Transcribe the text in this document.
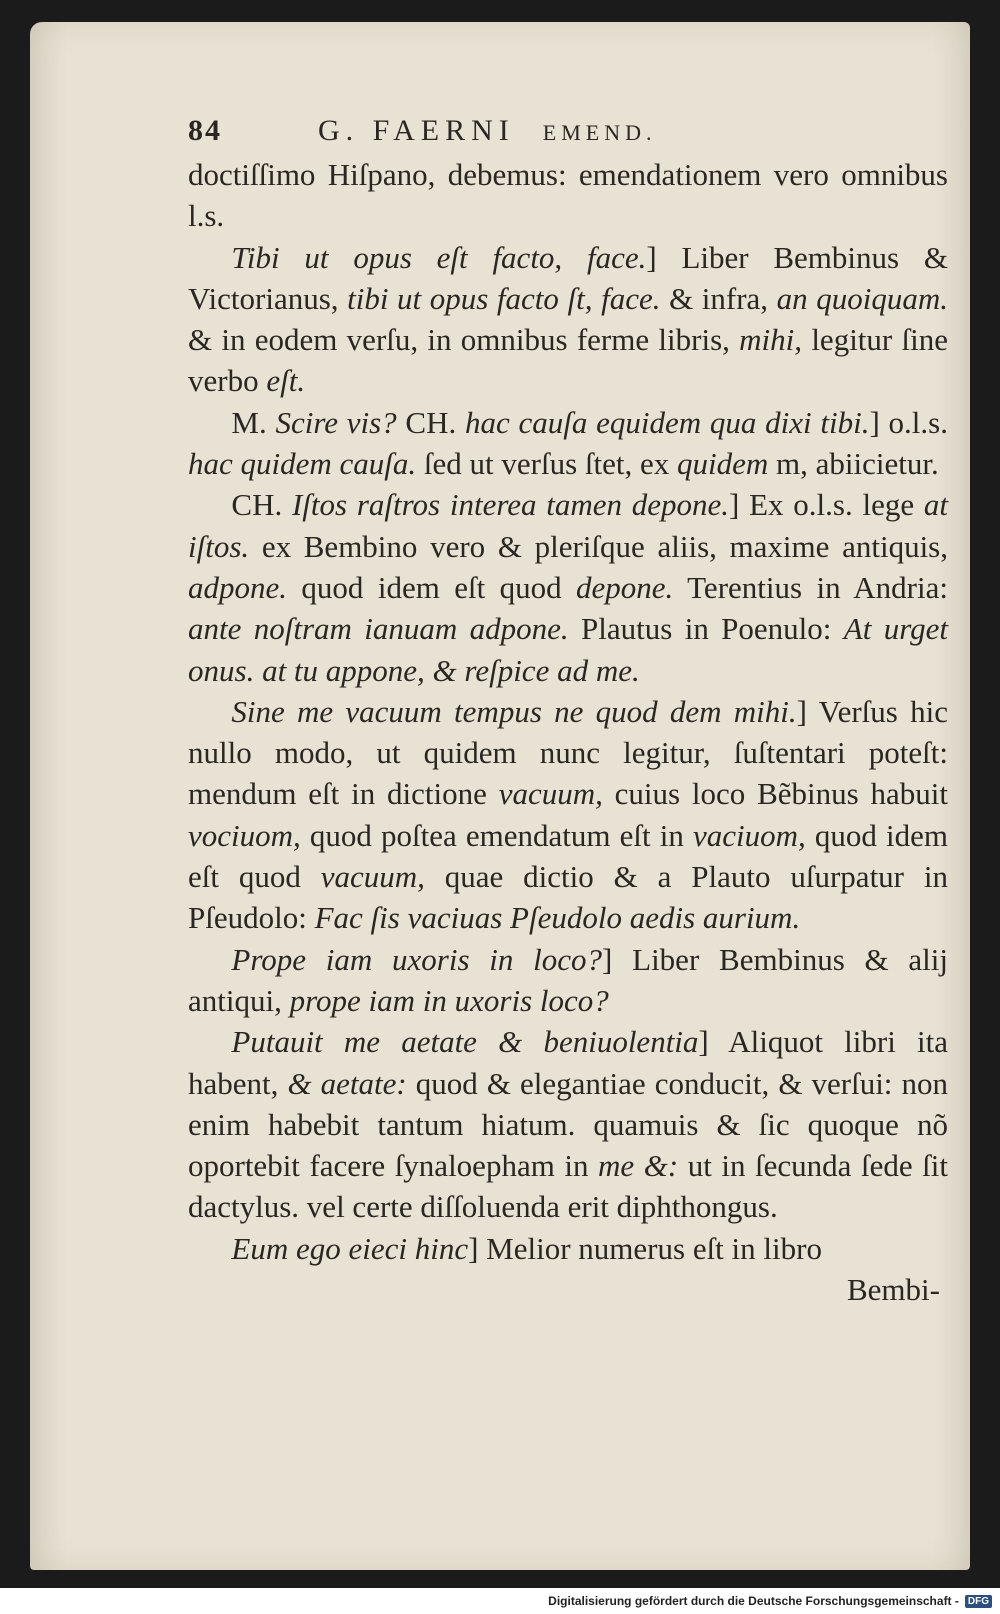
84	G. FAERNI EMEND.

doctiſſimo Hiſpano, debemus: emendationem vero omnibus l.s.

Tibi ut opus eſt facto, face.] Liber Bembinus & Victorianus, tibi ut opus facto ſt, face. & infra, an quoiquam. & in eodem verſu, in omnibus ferme libris, mihi, legitur ſine verbo eſt.

M. Scire vis? CH. hac cauſa equidem qua dixi tibi.] o.l.s. hac quidem cauſa. ſed ut verſus ſtet, ex quidem m, abiicietur.

CH. Iſtos raſtros interea tamen depone.] Ex o.l.s. lege at iſtos. ex Bembino vero & pleriſque aliis, maxime antiquis, adpone. quod idem eſt quod depone. Terentius in Andria: ante noſtram ianuam adpone. Plautus in Poenulo: At urget onus. at tu appone, & reſpice ad me.

Sine me vacuum tempus ne quod dem mihi.] Verſus hic nullo modo, ut quidem nunc legitur, ſuſtentari poteſt: mendum eſt in dictione vacuum, cuius loco Bẽbinus habuit vociuom, quod poſtea emendatum eſt in vaciuom, quod idem eſt quod vacuum, quae dictio & a Plauto uſurpatur in Pſeudolo: Fac ſis vaciuas Pſeudolo aedis aurium.

Prope iam uxoris in loco?] Liber Bembinus & alij antiqui, prope iam in uxoris loco?

Putauit me aetate & beniuolentia] Aliquot libri ita habent, & aetate: quod & elegantiae conducit, & verſui: non enim habebit tantum hiatum. quamuis & ſic quoque nõ oportebit facere ſynaloepham in me &: ut in ſecunda ſede ſit dactylus. vel certe diſſoluenda erit diphthongus.

Eum ego eieci hinc] Melior numerus eſt in libro

Bembi-
Digitalisierung gefördert durch die Deutsche Forschungsgemeinschaft - DFG
